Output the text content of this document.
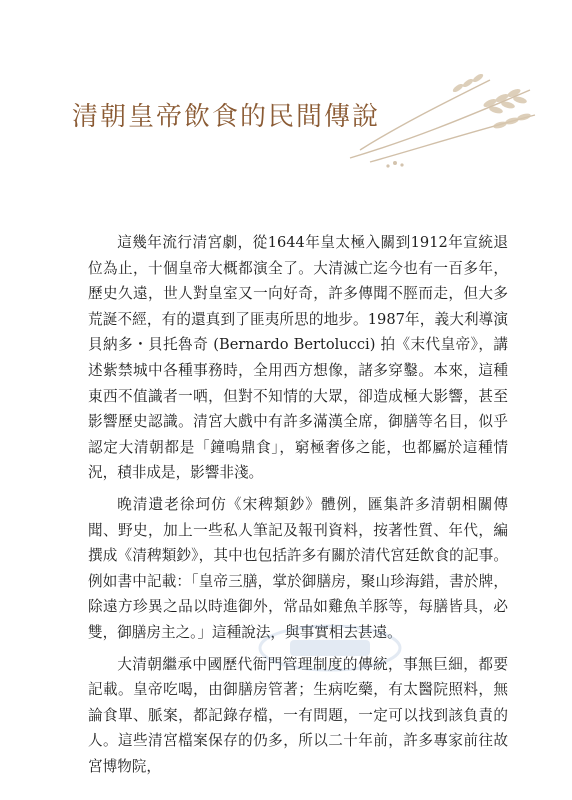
清朝皇帝飲食的民間傳說

這幾年流行清宮劇，從1644年皇太極入關到1912年宣統退位為止，十個皇帝大概都演全了。大清滅亡迄今也有一百多年，歷史久遠，世人對皇室又一向好奇，許多傳聞不脛而走，但大多荒誕不經，有的還真到了匪夷所思的地步。1987年，義大利導演貝納多・貝托魯奇 (Bernardo Bertolucci) 拍《末代皇帝》，講述紫禁城中各種事務時，全用西方想像，諸多穿鑿。本來，這種東西不值識者一哂，但對不知情的大眾，卻造成極大影響，甚至影響歷史認識。清宮大戲中有許多滿漢全席，御膳等名目，似乎認定大清朝都是「鐘鳴鼎食」，窮極奢侈之能，也都屬於這種情況，積非成是，影響非淺。

晚清遺老徐珂仿《宋稗類鈔》體例，匯集許多清朝相關傳聞、野史，加上一些私人筆記及報刊資料，按著性質、年代，編撰成《清稗類鈔》，其中也包括許多有關於清代宮廷飲食的記事。例如書中記載：「皇帝三膳，掌於御膳房，聚山珍海錯，書於牌，除遠方珍異之品以時進御外，常品如雞魚羊豚等，每膳皆具，必雙，御膳房主之。」這種說法，與事實相去甚遠。

大清朝繼承中國歷代衙門管理制度的傳統，事無巨細，都要記載。皇帝吃喝，由御膳房管著；生病吃藥，有太醫院照料，無論食單、脈案，都記錄存檔，一有問題，一定可以找到該負責的人。這些清宮檔案保存的仍多，所以二十年前，許多專家前往故宮博物院，
